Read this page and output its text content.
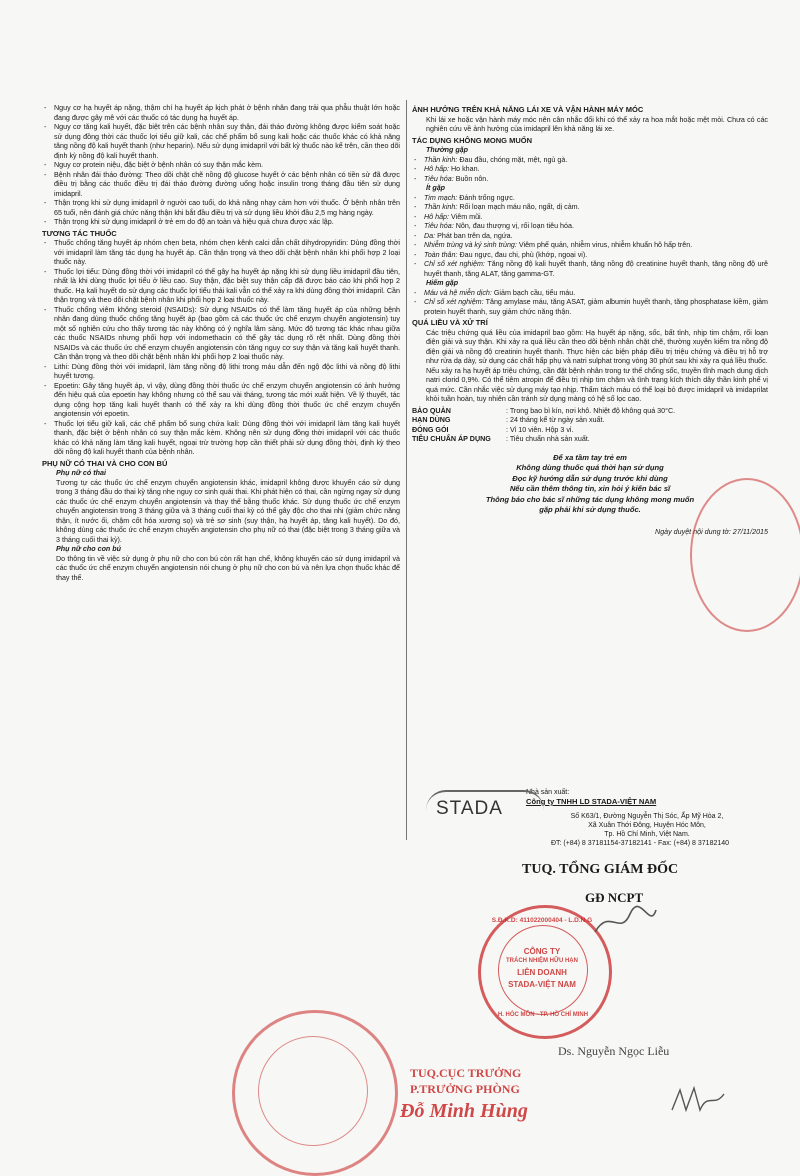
-	Nguy cơ hạ huyết áp nặng, thậm chí hạ huyết áp kịch phát ở bệnh nhân đang trải qua phẫu thuật lớn hoặc đang được gây mê với các thuốc có tác dụng hạ huyết áp.
-	Nguy cơ tăng kali huyết, đặc biệt trên các bệnh nhân suy thận, đái tháo đường không được kiểm soát hoặc sử dụng đồng thời các thuốc lợi tiểu giữ kali, các chế phẩm bổ sung kali hoặc các thuốc khác có khả năng tăng nồng độ kali huyết thanh (như heparin). Nếu sử dụng imidapril với bất kỳ thuốc nào kể trên, cần theo dõi định kỳ nồng độ kali huyết thanh.
-	Nguy cơ protein niệu, đặc biệt ở bệnh nhân có suy thận mắc kèm.
-	Bệnh nhân đái tháo đường: Theo dõi chặt chẽ nồng độ glucose huyết ở các bệnh nhân có tiền sử đã được điều trị bằng các thuốc điều trị đái tháo đường đường uống hoặc insulin trong tháng đầu tiên sử dụng imidapril.
-	Thận trọng khi sử dụng imidapril ở người cao tuổi, do khả năng nhạy cảm hơn với thuốc. Ở bệnh nhân trên 65 tuổi, nên đánh giá chức năng thận khi bắt đầu điều trị và sử dụng liều khởi đầu 2,5 mg hàng ngày.
-	Thận trọng khi sử dụng imidapril ở trẻ em do độ an toàn và hiệu quả chưa được xác lập.
TƯƠNG TÁC THUỐC
-	Thuốc chống tăng huyết áp nhóm chẹn beta, nhóm chẹn kênh calci dẫn chất dihydropyridin: Dùng đồng thời với imidapril làm tăng tác dụng hạ huyết áp. Cần thận trọng và theo dõi chặt bệnh nhân khi phối hợp 2 loại thuốc này.
-	Thuốc lợi tiểu: Dùng đồng thời với imidapril có thể gây hạ huyết áp nặng khi sử dụng liều imidapril đầu tiên, nhất là khi dùng thuốc lợi tiểu ở liều cao. Suy thận, đặc biệt suy thận cấp đã được báo cáo khi phối hợp 2 thuốc. Hạ kali huyết do sử dụng các thuốc lợi tiểu thải kali vẫn có thể xảy ra khi dùng đồng thời imidapril. Cần thận trọng và theo dõi chặt bệnh nhân khi phối hợp 2 loại thuốc này.
-	Thuốc chống viêm không steroid (NSAIDs): Sử dụng NSAIDs có thể làm tăng huyết áp của những bệnh nhân đang dùng thuốc chống tăng huyết áp (bao gồm cả các thuốc ức chế enzym chuyển angiotensin) tuy một số nghiên cứu cho thấy tương tác này không có ý nghĩa lâm sàng. Mức độ tương tác khác nhau giữa các thuốc NSAIDs nhưng phối hợp với indomethacin có thể gây tác dụng rõ rệt nhất. Dùng đồng thời NSAIDs và các thuốc ức chế enzym chuyển angiotensin còn tăng nguy cơ suy thận và tăng kali huyết thanh. Cần thận trọng và theo dõi chặt bệnh nhân khi phối hợp 2 loại thuốc này.
-	Lithi: Dùng đồng thời với imidapril, làm tăng nồng độ lithi trong máu dẫn đến ngộ độc lithi và nồng độ lithi huyết tương.
-	Epoetin: Gây tăng huyết áp, vì vậy, dùng đồng thời thuốc ức chế enzym chuyển angiotensin có ảnh hưởng đến hiệu quả của epoetin hay không nhưng có thể sau vài tháng, tương tác mới xuất hiện. Về lý thuyết, tác dụng cộng hợp tăng kali huyết thanh có thể xảy ra khi dùng đồng thời thuốc ức chế enzym chuyển angiotensin với epoetin.
-	Thuốc lợi tiểu giữ kali, các chế phẩm bổ sung chứa kali: Dùng đồng thời với imidapril làm tăng kali huyết thanh, đặc biệt ở bệnh nhân có suy thận mắc kèm. Không nên sử dụng đồng thời imidapril với các thuốc khác có khả năng làm tăng kali huyết, ngoại trừ trường hợp cần thiết phải sử dụng đồng thời, định kỳ theo dõi nồng độ kali huyết thanh của bệnh nhân.
PHỤ NỮ CÓ THAI VÀ CHO CON BÚ
Phụ nữ có thai
Tương tự các thuốc ức chế enzym chuyển angiotensin khác, imidapril không được khuyến cáo sử dụng trong 3 tháng đầu do thai kỳ tăng nhẹ nguy cơ sinh quái thai. Khi phát hiện có thai, cần ngừng ngay sử dụng các thuốc ức chế enzym chuyển angiotensin và thay thế bằng thuốc khác. Sử dụng thuốc ức chế enzym chuyển angiotensin trong 3 tháng giữa và 3 tháng cuối thai kỳ có thể gây độc cho thai nhi (giảm chức năng thận, ít nước ối, chậm cốt hóa xương sọ) và trẻ sơ sinh (suy thận, hạ huyết áp, tăng kali huyết). Do đó, không dùng các thuốc ức chế enzym chuyển angiotensin cho phụ nữ có thai (đặc biệt trong 3 tháng giữa và 3 tháng cuối thai kỳ).
Phụ nữ cho con bú
Do thông tin về việc sử dụng ở phụ nữ cho con bú còn rất hạn chế, không khuyến cáo sử dụng imidapril và các thuốc ức chế enzym chuyển angiotensin nói chung ở phụ nữ cho con bú và nên lựa chọn thuốc khác để thay thế.
ẢNH HƯỞNG TRÊN KHẢ NĂNG LÁI XE VÀ VẬN HÀNH MÁY MÓC
Khi lái xe hoặc vận hành máy móc nên cân nhắc đối khi có thể xảy ra hoa mắt hoặc mệt mỏi. Chưa có các nghiên cứu về ảnh hưởng của imidapril lên khả năng lái xe.
TÁC DỤNG KHÔNG MONG MUỐN
Thường gặp
-	Thần kinh: Đau đầu, chóng mặt, mệt, ngủ gà.
-	Hô hấp: Ho khan.
-	Tiêu hóa: Buồn nôn.
Ít gặp
-	Tim mạch: Đánh trống ngực.
-	Thần kinh: Rối loạn mạch máu não, ngất, dị cảm.
-	Hô hấp: Viêm mũi.
-	Tiêu hóa: Nôn, đau thượng vị, rối loạn tiêu hóa.
-	Da: Phát ban trên da, ngứa.
-	Nhiễm trùng và ký sinh trùng: Viêm phế quản, nhiễm virus, nhiễm khuẩn hô hấp trên.
-	Toàn thân: Đau ngực, đau chi, phù (khớp, ngoại vi).
-	Chỉ số xét nghiệm: Tăng nồng độ kali huyết thanh, tăng nồng độ creatinine huyết thanh, tăng nồng độ urê huyết thanh, tăng ALAT, tăng gamma-GT.
Hiếm gặp
-	Máu và hệ miễn dịch: Giảm bạch cầu, tiểu máu.
-	Chỉ số xét nghiệm: Tăng amylase máu, tăng ASAT, giảm albumin huyết thanh, tăng phosphatase kiềm, giảm protein huyết thanh, suy giảm chức năng thận.
QUÁ LIỀU VÀ XỬ TRÍ
Các triệu chứng quá liều của imidapril bao gồm: Hạ huyết áp nặng, sốc, bất tỉnh, nhịp tim chậm, rối loạn điện giải và suy thận. Khi xảy ra quá liều cần theo dõi bệnh nhân chặt chẽ, thường xuyên kiểm tra nồng độ điện giải và nồng độ creatinin huyết thanh. Thực hiện các biện pháp điều trị triệu chứng và điều trị hỗ trợ như rửa dạ dày, sử dụng các chất hấp phụ và natri sulphat trong vòng 30 phút sau khi xảy ra quá liều thuốc.
Nếu xảy ra hạ huyết áp triệu chứng, cần đặt bệnh nhân trong tư thế chống sốc, truyền tĩnh mạch dung dịch natri clorid 0,9%. Có thể tiêm atropin để điều trị nhịp tim chậm và tình trạng kích thích dây thần kinh phế vị quá mức. Cần nhắc việc sử dụng máy tạo nhịp. Thẩm tách máu có thể loại bỏ được imidapril và imidaprilat khỏi tuần hoàn, tuy nhiên cần tránh sử dụng màng có hệ số lọc cao.
BẢO QUẢN	: Trong bao bì kín, nơi khô. Nhiệt độ không quá 30°C.
HẠN DÙNG	: 24 tháng kể từ ngày sản xuất.
ĐÓNG GÓI	: Vỉ 10 viên. Hộp 3 vỉ.
TIÊU CHUẨN ÁP DỤNG	: Tiêu chuẩn nhà sản xuất.
Để xa tầm tay trẻ em
Không dùng thuốc quá thời hạn sử dụng
Đọc kỹ hướng dẫn sử dụng trước khi dùng
Nếu cần thêm thông tin, xin hỏi ý kiến bác sĩ
Thông báo cho bác sĩ những tác dụng không mong muốn
gặp phải khi sử dụng thuốc.
Ngày duyệt nội dung tờ: 27/11/2015
Nhà sản xuất:
Công ty TNHH LD STADA-VIỆT NAM
Số K63/1, Đường Nguyễn Thị Sóc, Ấp Mỹ Hòa 2,
Xã Xuân Thới Đông, Huyện Hóc Môn,
Tp. Hồ Chí Minh, Việt Nam.
ĐT: (+84) 8 37181154-37182141 - Fax: (+84) 8 37182140
STADA
TUQ. TỔNG GIÁM ĐỐC
GĐ NCPT
S.Đ.K.D: 411022000404 - L.D.N.G
CÔNG TY
TRÁCH NHIỆM HỮU HẠN
LIÊN DOANH
STADA-VIỆT NAM
H. HÓC MÔN - TP. HỒ CHÍ MINH
Ds. Nguyễn Ngọc Liễu
TUQ.CỤC TRƯỞNG
P.TRƯỞNG PHÒNG
Đỗ Minh Hùng
